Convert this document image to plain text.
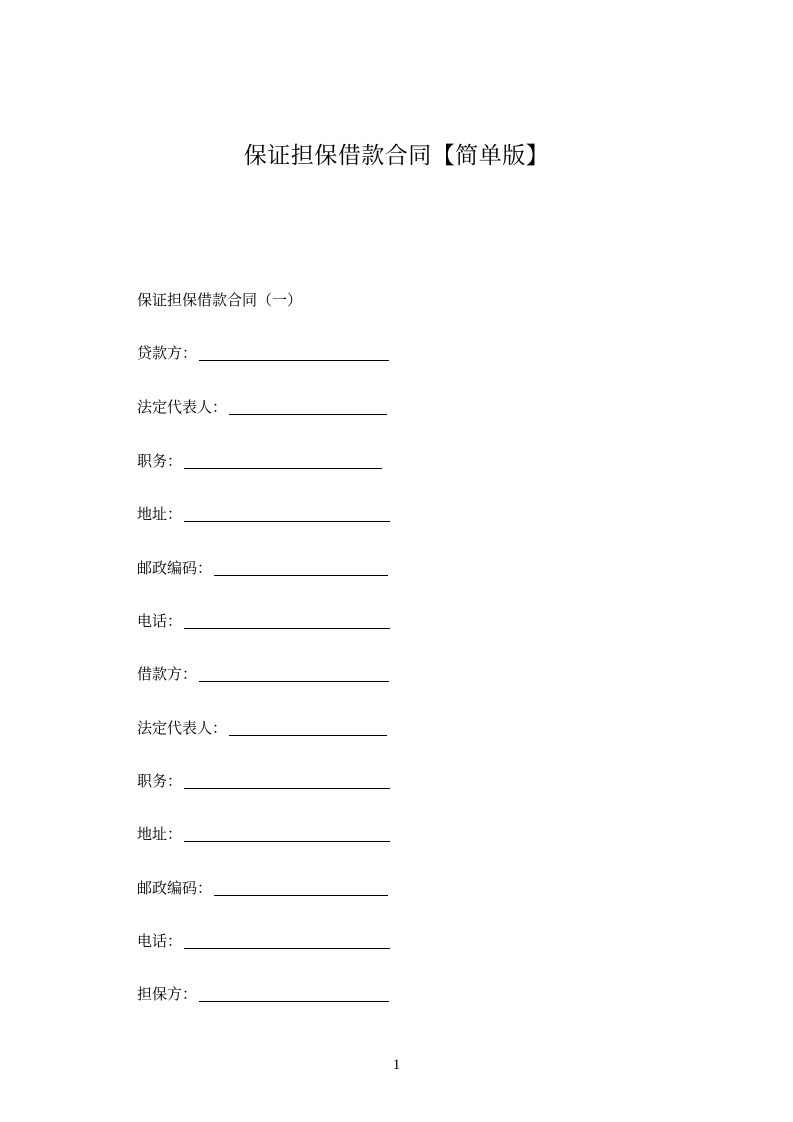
保证担保借款合同【简单版】
保证担保借款合同（一）
贷款方：
法定代表人：
职务：
地址：
邮政编码：
电话：
借款方：
法定代表人：
职务：
地址：
邮政编码：
电话：
担保方：
1
